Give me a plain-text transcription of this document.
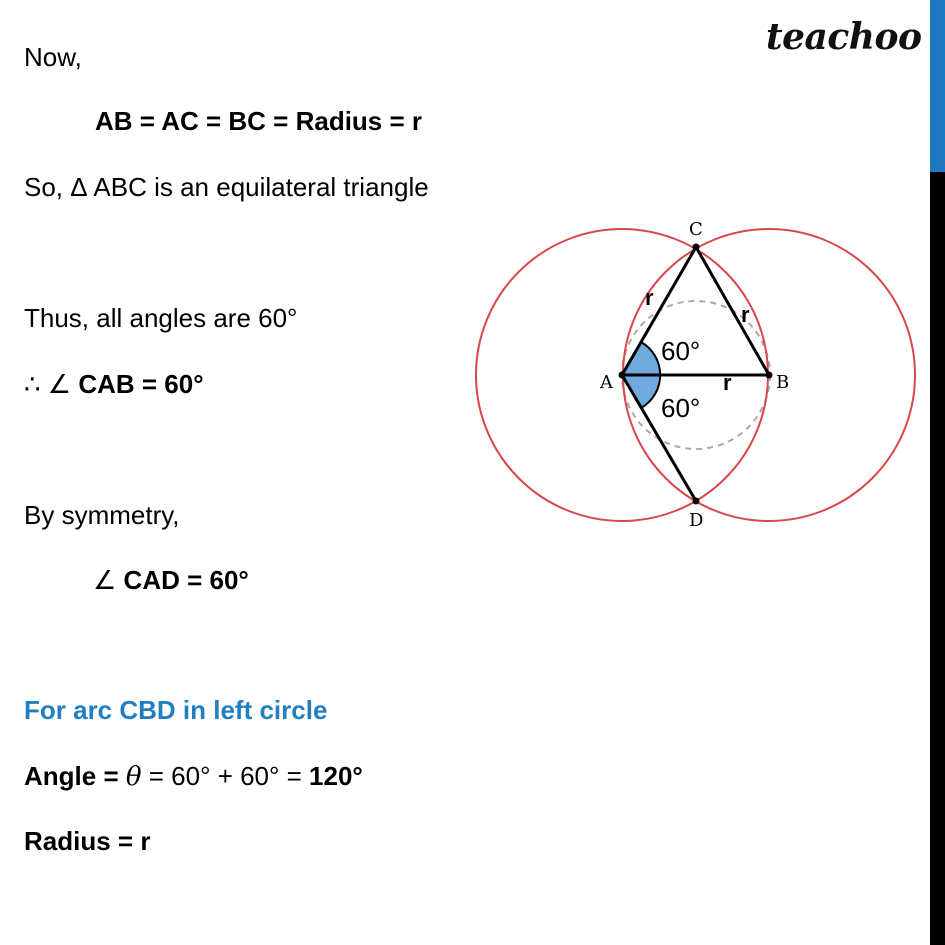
teachoo
Now,
AB = AC = BC = Radius = r
So, Δ ABC is an equilateral triangle
Thus, all angles are 60°
∴ ∠ CAB = 60°
By symmetry,
∠ CAD = 60°
For arc CBD in left circle
Angle = θ = 60° + 60° = 120°
Radius = r
A	B
C
D
r
r
r
60°
60°
